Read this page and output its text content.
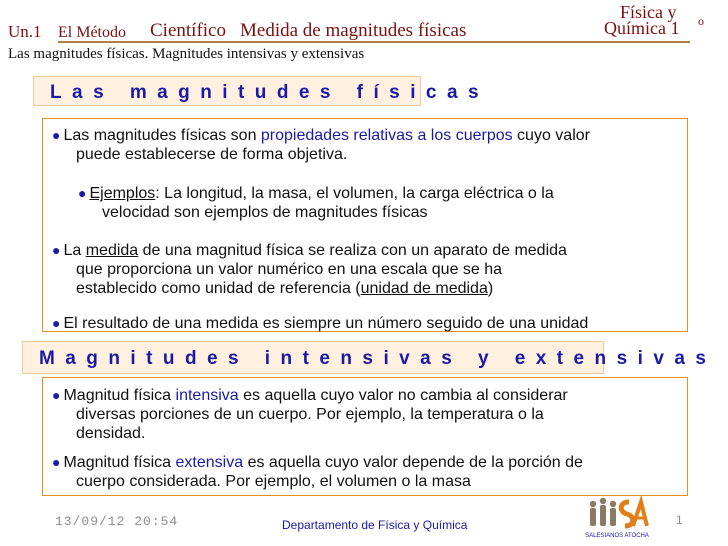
Un.1 El Método Científico Medida de magnitudes físicas
Física y
Química 1 o
Las magnitudes físicas. Magnitudes intensivas y extensivas
Las magnitudes físicas
● Las magnitudes físicas son propiedades relativas a los cuerpos cuyo valor
puede establecerse de forma objetiva.
● Ejemplos: La longitud, la masa, el volumen, la carga eléctrica o la
velocidad son ejemplos de magnitudes físicas
● La medida de una magnitud física se realiza con un aparato de medida
que proporciona un valor numérico en una escala que se ha
establecido como unidad de referencia (unidad de medida)
● El resultado de una medida es siempre un número seguido de una unidad
Magnitudes intensivas y extensivas
● Magnitud física intensiva es aquella cuyo valor no cambia al considerar
diversas porciones de un cuerpo. Por ejemplo, la temperatura o la
densidad.
● Magnitud física extensiva es aquella cuyo valor depende de la porción de
cuerpo considerada. Por ejemplo, el volumen o la masa
13/09/12 20:54	Departamento de Física y Química
SALESIANOS ATOCHA
1
